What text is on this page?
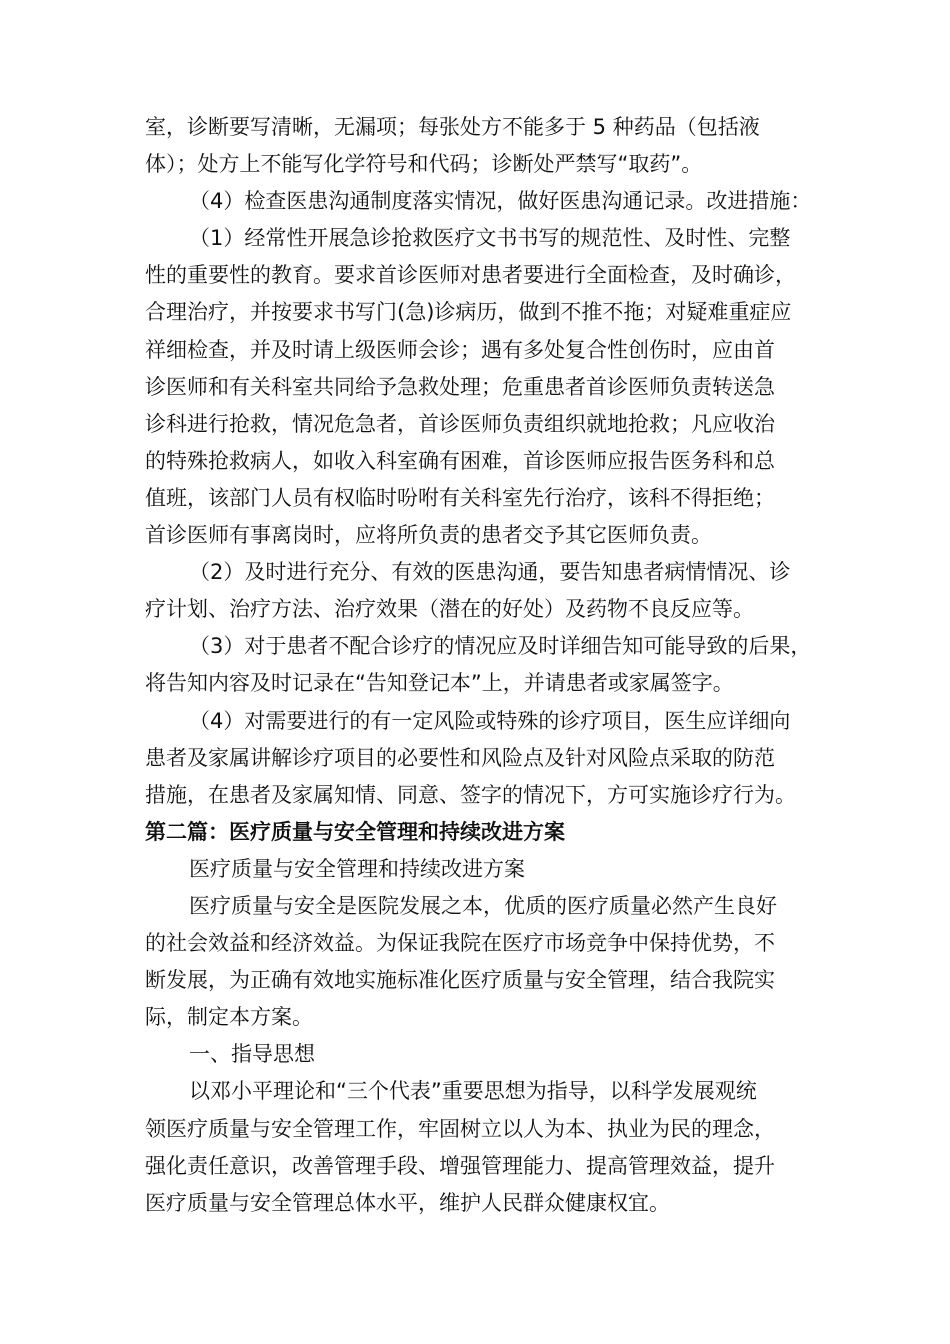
室，诊断要写清晰，无漏项；每张处方不能多于 5 种药品（包括液
体）；处方上不能写化学符号和代码；诊断处严禁写“取药”。
（4）检查医患沟通制度落实情况，做好医患沟通记录。改进措施：
（1）经常性开展急诊抢救医疗文书书写的规范性、及时性、完整
性的重要性的教育。要求首诊医师对患者要进行全面检查，及时确诊，
合理治疗，并按要求书写门(急)诊病历，做到不推不拖；对疑难重症应
祥细检查，并及时请上级医师会诊；遇有多处复合性创伤时，应由首
诊医师和有关科室共同给予急救处理；危重患者首诊医师负责转送急
诊科进行抢救，情况危急者，首诊医师负责组织就地抢救；凡应收治
的特殊抢救病人，如收入科室确有困难，首诊医师应报告医务科和总
值班，该部门人员有权临时吩咐有关科室先行治疗，该科不得拒绝；
首诊医师有事离岗时，应将所负责的患者交予其它医师负责。
（2）及时进行充分、有效的医患沟通，要告知患者病情情况、诊
疗计划、治疗方法、治疗效果（潜在的好处）及药物不良反应等。
（3）对于患者不配合诊疗的情况应及时详细告知可能导致的后果，
将告知内容及时记录在“告知登记本”上，并请患者或家属签字。
（4）对需要进行的有一定风险或特殊的诊疗项目，医生应详细向
患者及家属讲解诊疗项目的必要性和风险点及针对风险点采取的防范
措施，在患者及家属知情、同意、签字的情况下，方可实施诊疗行为。
第二篇：医疗质量与安全管理和持续改进方案
医疗质量与安全管理和持续改进方案
医疗质量与安全是医院发展之本，优质的医疗质量必然产生良好
的社会效益和经济效益。为保证我院在医疗市场竞争中保持优势，不
断发展，为正确有效地实施标准化医疗质量与安全管理，结合我院实
际，制定本方案。
一、指导思想
以邓小平理论和“三个代表”重要思想为指导，以科学发展观统
领医疗质量与安全管理工作，牢固树立以人为本、执业为民的理念，
强化责任意识，改善管理手段、增强管理能力、提高管理效益，提升
医疗质量与安全管理总体水平，维护人民群众健康权宜。
